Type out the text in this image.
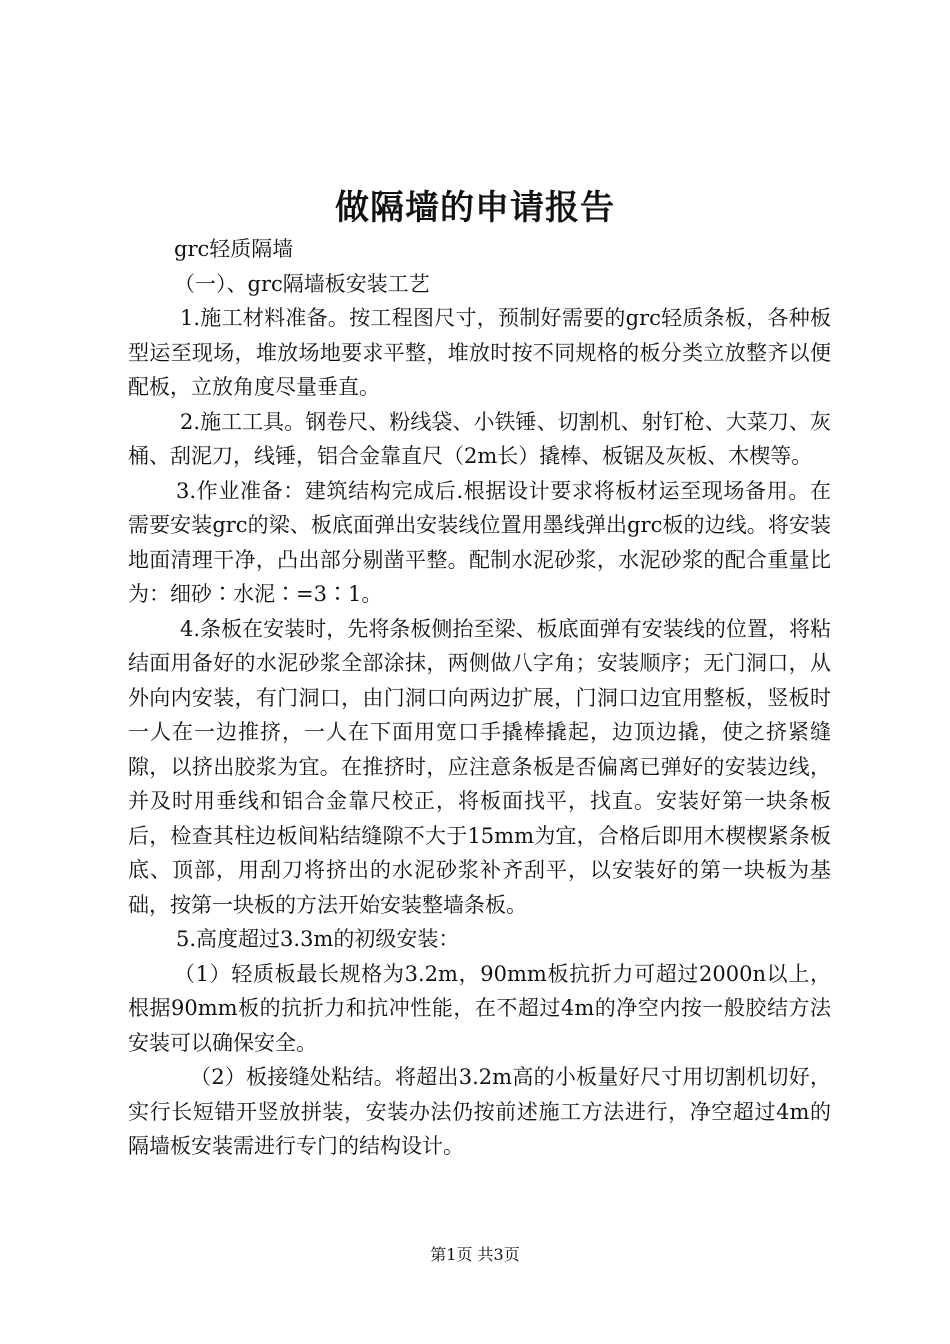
做隔墙的申请报告

grc轻质隔墙

（一）、grc隔墙板安装工艺

1.施工材料准备。按工程图尺寸，预制好需要的grc轻质条板，各种板型运至现场，堆放场地要求平整，堆放时按不同规格的板分类立放整齐以便配板，立放角度尽量垂直。

2.施工工具。钢卷尺、粉线袋、小铁锤、切割机、射钉枪、大菜刀、灰桶、刮泥刀，线锤，铝合金靠直尺（2m长）撬棒、板锯及灰板、木楔等。

3.作业准备：建筑结构完成后.根据设计要求将板材运至现场备用。在需要安装grc的梁、板底面弹出安装线位置用墨线弹出grc板的边线。将安装地面清理干净，凸出部分剔凿平整。配制水泥砂浆，水泥砂浆的配合重量比为：细砂∶水泥∶=3∶1。

4.条板在安装时，先将条板侧抬至梁、板底面弹有安装线的位置，将粘结面用备好的水泥砂浆全部涂抹，两侧做八字角；安装顺序；无门洞口，从外向内安装，有门洞口，由门洞口向两边扩展，门洞口边宜用整板，竖板时一人在一边推挤，一人在下面用宽口手撬棒撬起，边顶边撬，使之挤紧缝隙，以挤出胶浆为宜。在推挤时，应注意条板是否偏离已弹好的安装边线，并及时用垂线和铝合金靠尺校正，将板面找平，找直。安装好第一块条板后，检查其柱边板间粘结缝隙不大于15mm为宜，合格后即用木楔楔紧条板底、顶部，用刮刀将挤出的水泥砂浆补齐刮平，以安装好的第一块板为基础，按第一块板的方法开始安装整墙条板。

5.高度超过3.3m的初级安装：

（1）轻质板最长规格为3.2m，90mm板抗折力可超过2000n以上，根据90mm板的抗折力和抗冲性能，在不超过4m的净空内按一般胶结方法安装可以确保安全。

（2）板接缝处粘结。将超出3.2m高的小板量好尺寸用切割机切好，实行长短错开竖放拼装，安装办法仍按前述施工方法进行，净空超过4m的隔墙板安装需进行专门的结构设计。

第1页 共3页
